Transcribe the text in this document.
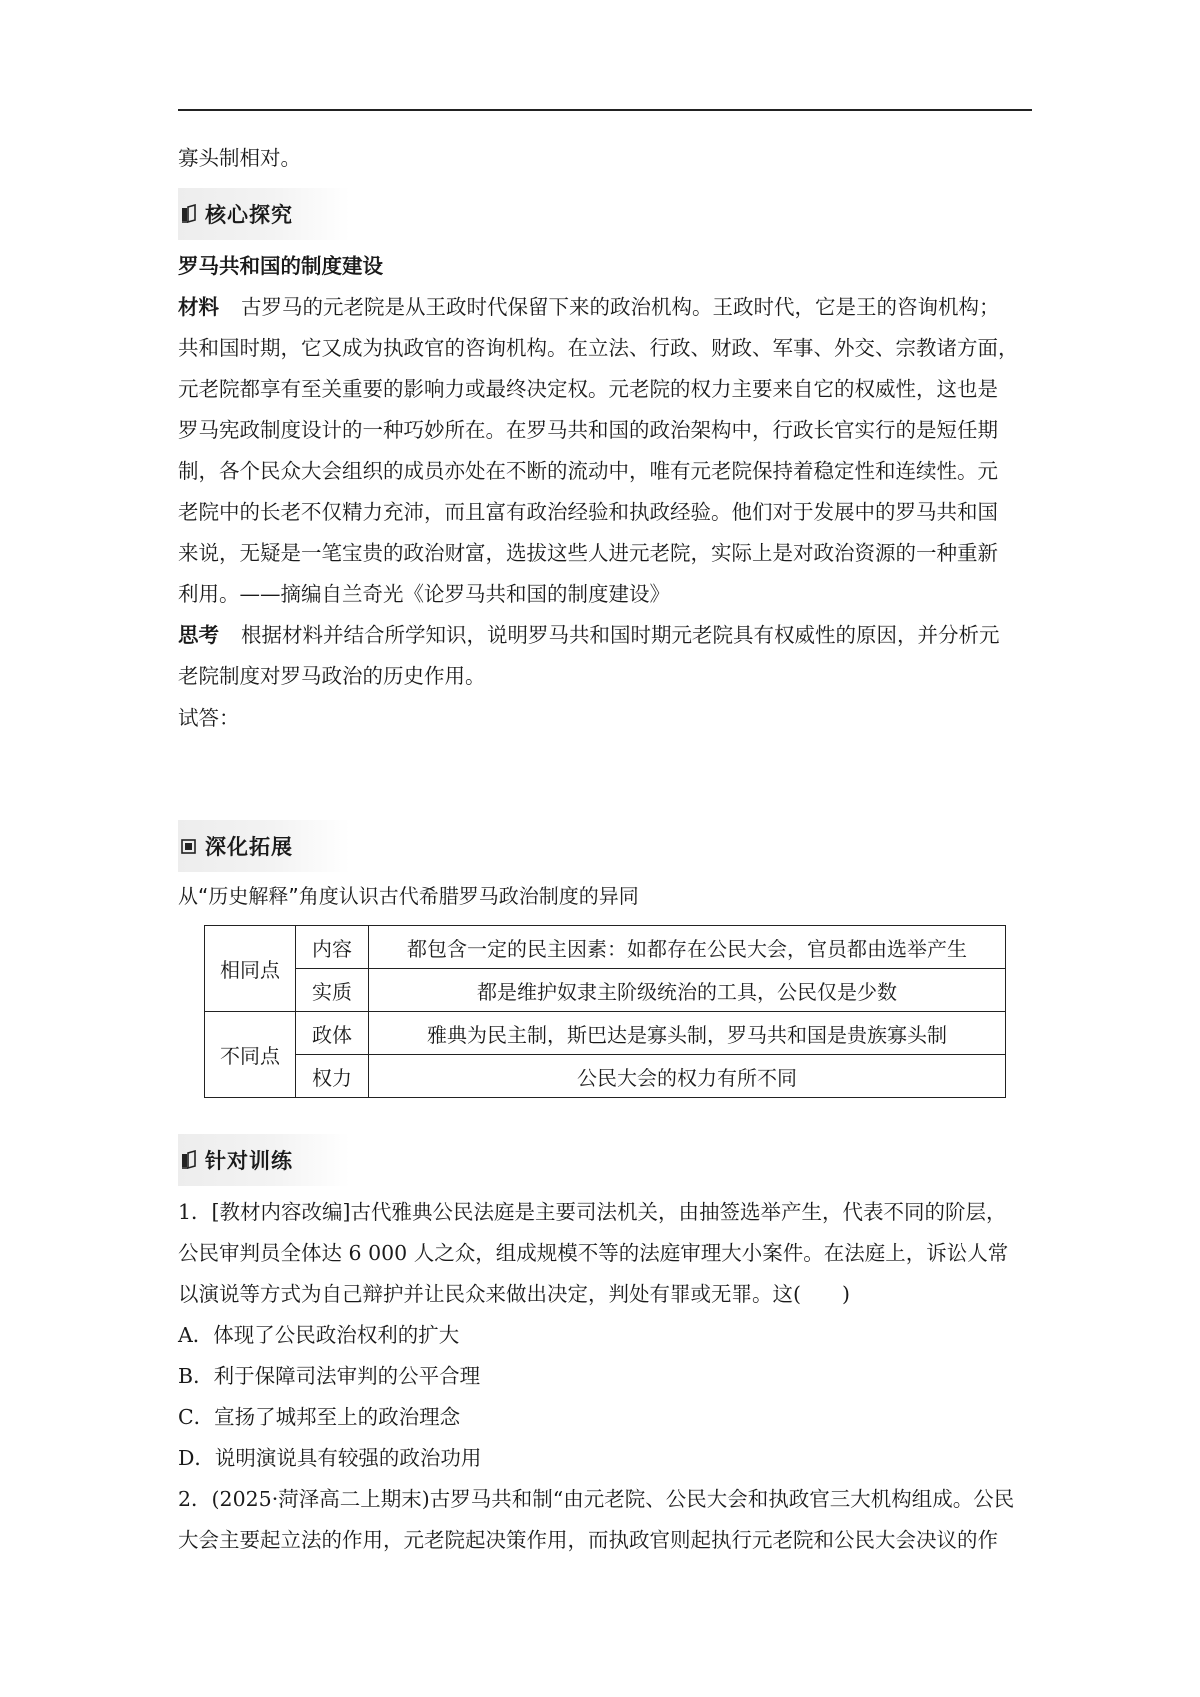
寡头制相对。

核心探究

罗马共和国的制度建设

材料 古罗马的元老院是从王政时代保留下来的政治机构。王政时代，它是王的咨询机构；

共和国时期，它又成为执政官的咨询机构。在立法、行政、财政、军事、外交、宗教诸方面，

元老院都享有至关重要的影响力或最终决定权。元老院的权力主要来自它的权威性，这也是

罗马宪政制度设计的一种巧妙所在。在罗马共和国的政治架构中，行政长官实行的是短任期

制，各个民众大会组织的成员亦处在不断的流动中，唯有元老院保持着稳定性和连续性。元

老院中的长老不仅精力充沛，而且富有政治经验和执政经验。他们对于发展中的罗马共和国

来说，无疑是一笔宝贵的政治财富，选拔这些人进元老院，实际上是对政治资源的一种重新

利用。——摘编自兰奇光《论罗马共和国的制度建设》

思考 根据材料并结合所学知识，说明罗马共和国时期元老院具有权威性的原因，并分析元

老院制度对罗马政治的历史作用。

试答：

深化拓展

从“历史解释”角度认识古代希腊罗马政治制度的异同

相同点	内容	都包含一定的民主因素：如都存在公民大会，官员都由选举产生
	实质	都是维护奴隶主阶级统治的工具，公民仅是少数
不同点	政体	雅典为民主制，斯巴达是寡头制，罗马共和国是贵族寡头制
	权力	公民大会的权力有所不同
针对训练

1．[教材内容改编]古代雅典公民法庭是主要司法机关，由抽签选举产生，代表不同的阶层，

公民审判员全体达 6 000 人之众，组成规模不等的法庭审理大小案件。在法庭上，诉讼人常

以演说等方式为自己辩护并让民众来做出决定，判处有罪或无罪。这(　　)

A．体现了公民政治权利的扩大

B．利于保障司法审判的公平合理

C．宣扬了城邦至上的政治理念

D．说明演说具有较强的政治功用

2．(2025·菏泽高二上期末)古罗马共和制“由元老院、公民大会和执政官三大机构组成。公民

大会主要起立法的作用，元老院起决策作用，而执政官则起执行元老院和公民大会决议的作
